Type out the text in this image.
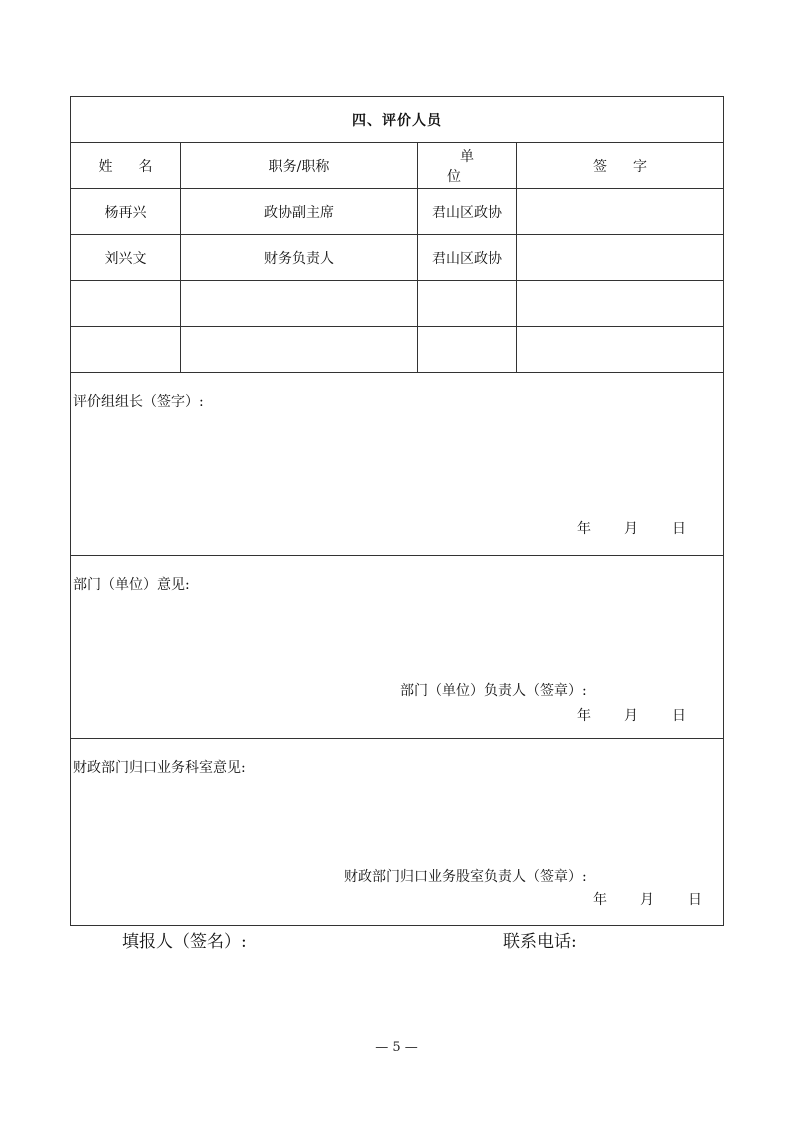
四、评价人员			
姓名	职务/职称	单位	签字
杨再兴	政协副主席	君山区政协	
刘兴文	财务负责人	君山区政协	

评价组组长（签字）:
年 月 日			

部门（单位）意见:
部门（单位）负责人（签章）:
年 月 日			

财政部门归口业务科室意见:
财政部门归口业务股室负责人（签章）:
年 月 日			
填报人（签名）:	联系电话:
— 5 —
